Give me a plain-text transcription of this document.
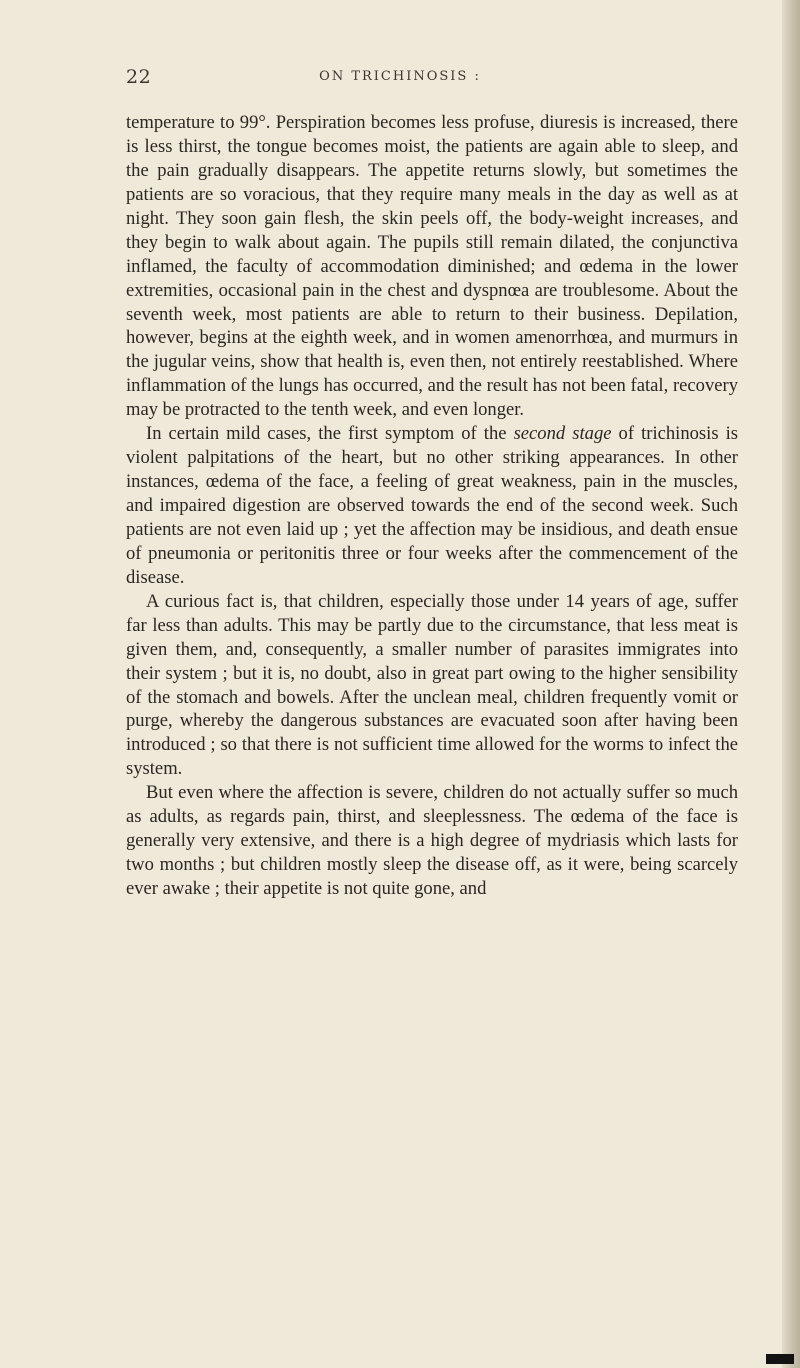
22	ON TRICHINOSIS :

temperature to 99°. Perspiration becomes less profuse, diuresis is increased, there is less thirst, the tongue becomes moist, the patients are again able to sleep, and the pain gradually disappears. The appetite returns slowly, but sometimes the patients are so voracious, that they require many meals in the day as well as at night. They soon gain flesh, the skin peels off, the body-weight increases, and they begin to walk about again. The pupils still remain dilated, the conjunctiva inflamed, the faculty of accommodation diminished; and œdema in the lower extremities, occasional pain in the chest and dyspnœa are troublesome. About the seventh week, most patients are able to return to their business. Depilation, however, begins at the eighth week, and in women amenorrhœa, and murmurs in the jugular veins, show that health is, even then, not entirely reestablished. Where inflammation of the lungs has occurred, and the result has not been fatal, recovery may be protracted to the tenth week, and even longer.

In certain mild cases, the first symptom of the second stage of trichinosis is violent palpitations of the heart, but no other striking appearances. In other instances, œdema of the face, a feeling of great weakness, pain in the muscles, and impaired digestion are observed towards the end of the second week. Such patients are not even laid up ; yet the affection may be insidious, and death ensue of pneumonia or peritonitis three or four weeks after the commencement of the disease.

A curious fact is, that children, especially those under 14 years of age, suffer far less than adults. This may be partly due to the circumstance, that less meat is given them, and, consequently, a smaller number of parasites immigrates into their system ; but it is, no doubt, also in great part owing to the higher sensibility of the stomach and bowels. After the unclean meal, children frequently vomit or purge, whereby the dangerous substances are evacuated soon after having been introduced ; so that there is not sufficient time allowed for the worms to infect the system.

But even where the affection is severe, children do not actually suffer so much as adults, as regards pain, thirst, and sleeplessness. The œdema of the face is generally very extensive, and there is a high degree of mydriasis which lasts for two months ; but children mostly sleep the disease off, as it were, being scarcely ever awake ; their appetite is not quite gone, and
